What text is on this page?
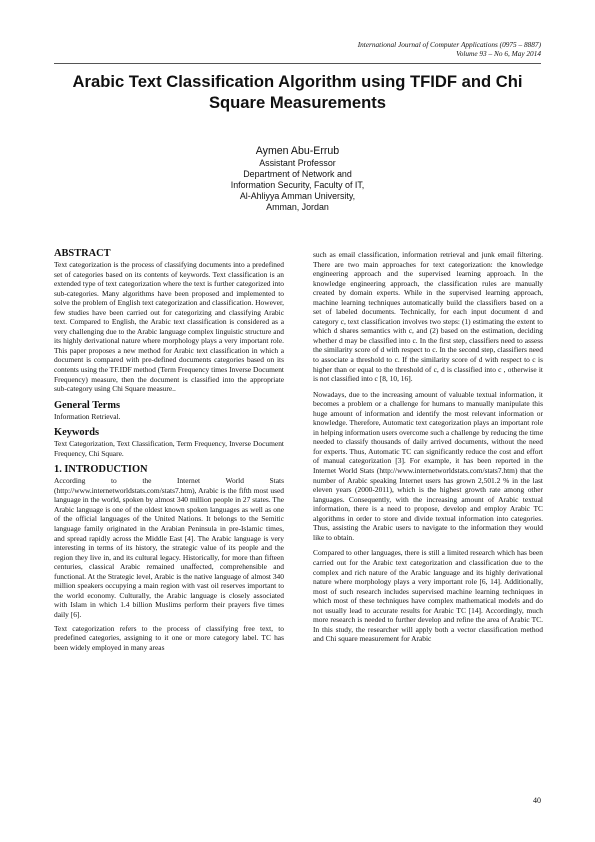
International Journal of Computer Applications (0975 – 8887)
Volume 93 – No 6, May 2014
Arabic Text Classification Algorithm using TFIDF and Chi Square Measurements
Aymen Abu-Errub
Assistant Professor
Department of Network and
Information Security, Faculty of IT,
Al-Ahliyya Amman University,
Amman, Jordan
ABSTRACT

Text categorization is the process of classifying documents into a predefined set of categories based on its contents of keywords. Text classification is an extended type of text categorization where the text is further categorized into sub-categories. Many algorithms have been proposed and implemented to solve the problem of English text categorization and classification. However, few studies have been carried out for categorizing and classifying Arabic text. Compared to English, the Arabic text classification is considered as a very challenging due to the Arabic language complex linguistic structure and its highly derivational nature where morphology plays a very important role. This paper proposes a new method for Arabic text classification in which a document is compared with pre-defined documents categories based on its contents using the TF.IDF method (Term Frequency times Inverse Document Frequency) measure, then the document is classified into the appropriate sub-category using Chi Square measure..

General Terms

Information Retrieval.

Keywords

Text Categorization, Text Classification, Term Frequency, Inverse Document Frequency, Chi Square.

1. INTRODUCTION

According to the Internet World Stats (http://www.internetworldstats.com/stats7.htm), Arabic is the fifth most used language in the world, spoken by almost 340 million people in 27 states. The Arabic language is one of the oldest known spoken languages as well as one of the official languages of the United Nations. It belongs to the Semitic language family originated in the Arabian Peninsula in pre-Islamic times, and spread rapidly across the Middle East [4]. The Arabic language is very interesting in terms of its history, the strategic value of its people and the region they live in, and its cultural legacy. Historically, for more than fifteen centuries, classical Arabic remained unaffected, comprehensible and functional. At the Strategic level, Arabic is the native language of almost 340 million speakers occupying a main region with vast oil reserves important to the world economy. Culturally, the Arabic language is closely associated with Islam in which 1.4 billion Muslims perform their prayers five times daily [6].

Text categorization refers to the process of classifying free text, to predefined categories, assigning to it one or more category label. TC has been widely employed in many areas

such as email classification, information retrieval and junk email filtering. There are two main approaches for text categorization: the knowledge engineering approach and the supervised learning approach. In the knowledge engineering approach, the classification rules are manually created by domain experts. While in the supervised learning approach, machine learning techniques automatically build the classifiers based on a set of labeled documents. Technically, for each input document d and category c, text classification involves two steps: (1) estimating the extent to which d shares semantics with c, and (2) based on the estimation, deciding whether d may be classified into c. In the first step, classifiers need to assess the similarity score of d with respect to c. In the second step, classifiers need to associate a threshold to c. If the similarity score of d with respect to c is higher than or equal to the threshold of c, d is classified into c , otherwise it is not classified into c [8, 10, 16].

Nowadays, due to the increasing amount of valuable textual information, it becomes a problem or a challenge for humans to manually manipulate this huge amount of information and identify the most relevant information or knowledge. Therefore, Automatic text categorization plays an important role in helping information users overcome such a challenge by reducing the time needed to classify thousands of daily arrived documents, without the need for experts. Thus, Automatic TC can significantly reduce the cost and effort of manual categorization [3]. For example, it has been reported in the Internet World Stats (http://www.internetworldstats.com/stats7.htm) that the number of Arabic speaking Internet users has grown 2,501.2 % in the last eleven years (2000-2011), which is the highest growth rate among other languages. Consequently, with the increasing amount of Arabic textual information, there is a need to propose, develop and employ Arabic TC algorithms in order to store and divide textual information into categories. Thus, assisting the Arabic users to navigate to the information they would like to obtain.

Compared to other languages, there is still a limited research which has been carried out for the Arabic text categorization and classification due to the complex and rich nature of the Arabic language and its highly derivational nature where morphology plays a very important role [6, 14]. Additionally, most of such research includes supervised machine learning techniques in which most of these techniques have complex mathematical models and do not usually lead to accurate results for Arabic TC [14]. Accordingly, much more research is needed to further develop and refine the area of Arabic TC. In this study, the researcher will apply both a vector classification method and Chi square measurement for Arabic

40
